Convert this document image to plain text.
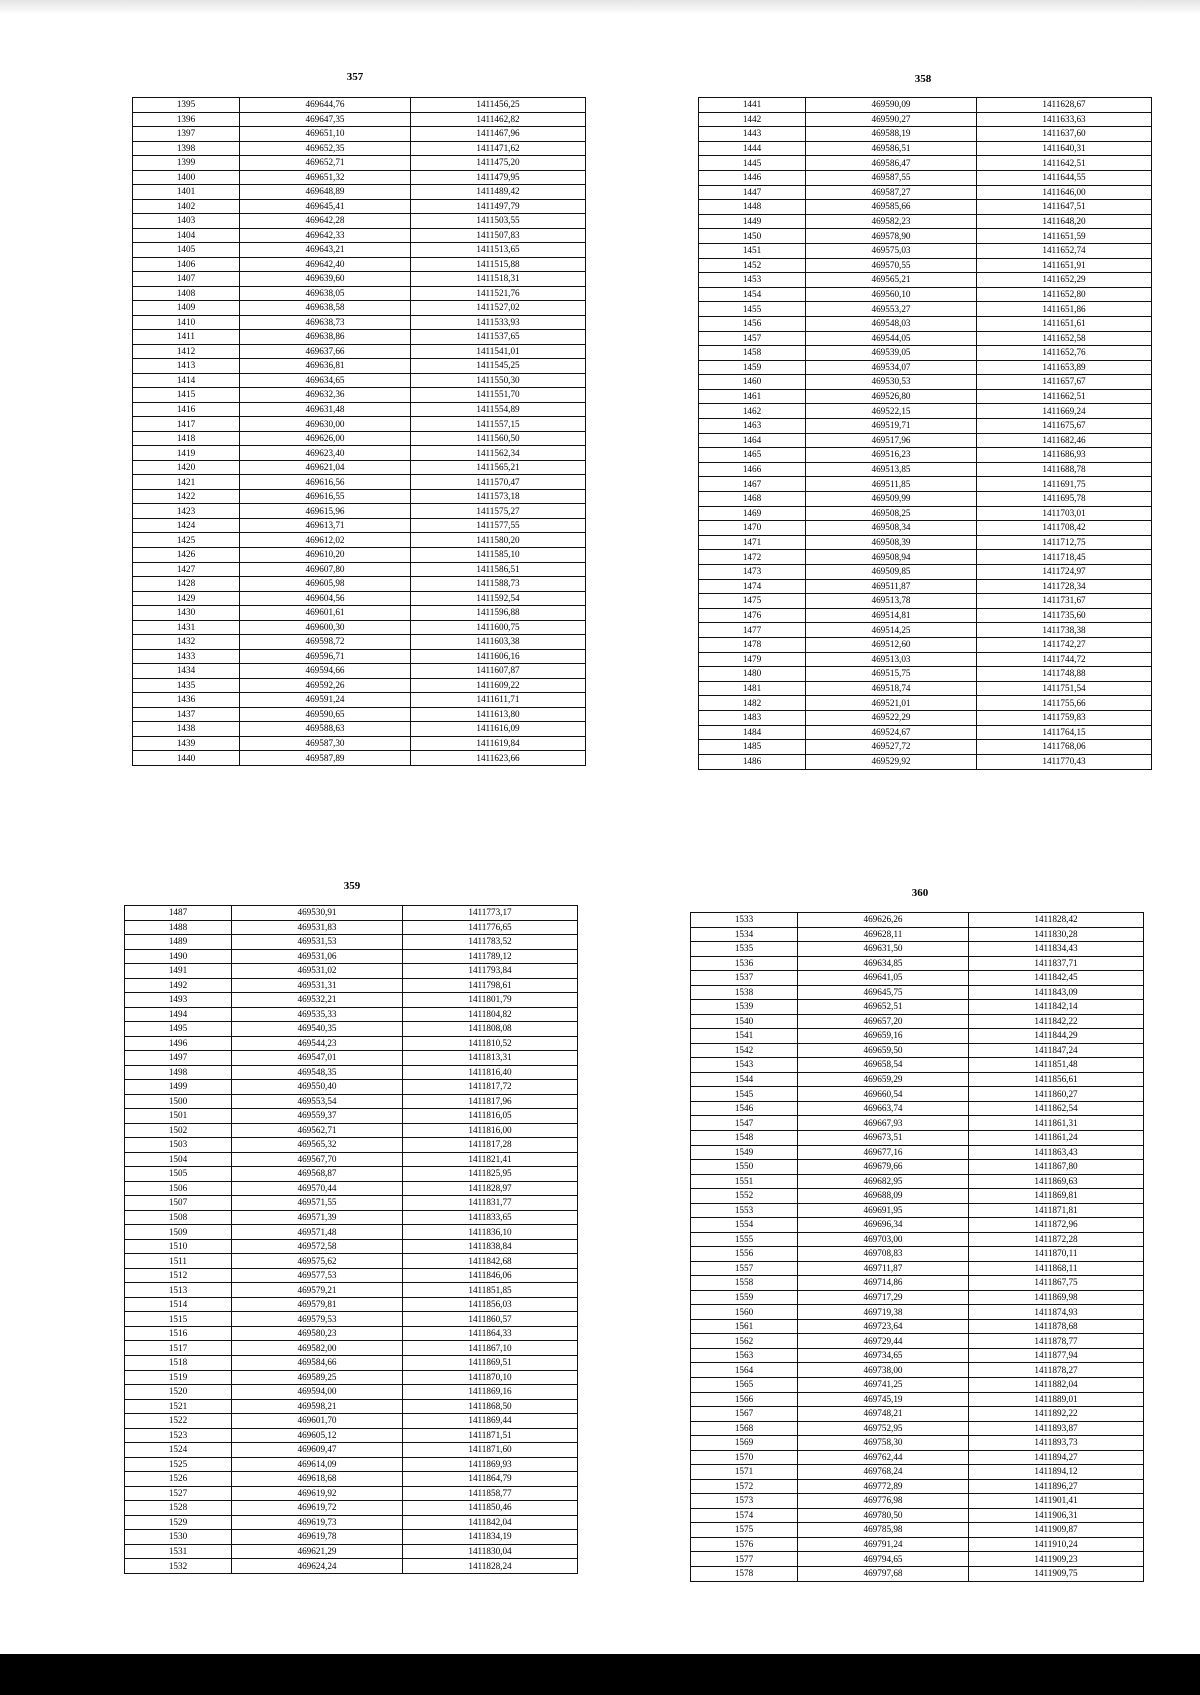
357
1395	469644,76	1411456,25
1396	469647,35	1411462,82
1397	469651,10	1411467,96
1398	469652,35	1411471,62
1399	469652,71	1411475,20
1400	469651,32	1411479,95
1401	469648,89	1411489,42
1402	469645,41	1411497,79
1403	469642,28	1411503,55
1404	469642,33	1411507,83
1405	469643,21	1411513,65
1406	469642,40	1411515,88
1407	469639,60	1411518,31
1408	469638,05	1411521,76
1409	469638,58	1411527,02
1410	469638,73	1411533,93
1411	469638,86	1411537,65
1412	469637,66	1411541,01
1413	469636,81	1411545,25
1414	469634,65	1411550,30
1415	469632,36	1411551,70
1416	469631,48	1411554,89
1417	469630,00	1411557,15
1418	469626,00	1411560,50
1419	469623,40	1411562,34
1420	469621,04	1411565,21
1421	469616,56	1411570,47
1422	469616,55	1411573,18
1423	469615,96	1411575,27
1424	469613,71	1411577,55
1425	469612,02	1411580,20
1426	469610,20	1411585,10
1427	469607,80	1411586,51
1428	469605,98	1411588,73
1429	469604,56	1411592,54
1430	469601,61	1411596,88
1431	469600,30	1411600,75
1432	469598,72	1411603,38
1433	469596,71	1411606,16
1434	469594,66	1411607,87
1435	469592,26	1411609,22
1436	469591,24	1411611,71
1437	469590,65	1411613,80
1438	469588,63	1411616,09
1439	469587,30	1411619,84
1440	469587,89	1411623,66
358
1441	469590,09	1411628,67
1442	469590,27	1411633,63
1443	469588,19	1411637,60
1444	469586,51	1411640,31
1445	469586,47	1411642,51
1446	469587,55	1411644,55
1447	469587,27	1411646,00
1448	469585,66	1411647,51
1449	469582,23	1411648,20
1450	469578,90	1411651,59
1451	469575,03	1411652,74
1452	469570,55	1411651,91
1453	469565,21	1411652,29
1454	469560,10	1411652,80
1455	469553,27	1411651,86
1456	469548,03	1411651,61
1457	469544,05	1411652,58
1458	469539,05	1411652,76
1459	469534,07	1411653,89
1460	469530,53	1411657,67
1461	469526,80	1411662,51
1462	469522,15	1411669,24
1463	469519,71	1411675,67
1464	469517,96	1411682,46
1465	469516,23	1411686,93
1466	469513,85	1411688,78
1467	469511,85	1411691,75
1468	469509,99	1411695,78
1469	469508,25	1411703,01
1470	469508,34	1411708,42
1471	469508,39	1411712,75
1472	469508,94	1411718,45
1473	469509,85	1411724,97
1474	469511,87	1411728,34
1475	469513,78	1411731,67
1476	469514,81	1411735,60
1477	469514,25	1411738,38
1478	469512,60	1411742,27
1479	469513,03	1411744,72
1480	469515,75	1411748,88
1481	469518,74	1411751,54
1482	469521,01	1411755,66
1483	469522,29	1411759,83
1484	469524,67	1411764,15
1485	469527,72	1411768,06
1486	469529,92	1411770,43
359
1487	469530,91	1411773,17
1488	469531,83	1411776,65
1489	469531,53	1411783,52
1490	469531,06	1411789,12
1491	469531,02	1411793,84
1492	469531,31	1411798,61
1493	469532,21	1411801,79
1494	469535,33	1411804,82
1495	469540,35	1411808,08
1496	469544,23	1411810,52
1497	469547,01	1411813,31
1498	469548,35	1411816,40
1499	469550,40	1411817,72
1500	469553,54	1411817,96
1501	469559,37	1411816,05
1502	469562,71	1411816,00
1503	469565,32	1411817,28
1504	469567,70	1411821,41
1505	469568,87	1411825,95
1506	469570,44	1411828,97
1507	469571,55	1411831,77
1508	469571,39	1411833,65
1509	469571,48	1411836,10
1510	469572,58	1411838,84
1511	469575,62	1411842,68
1512	469577,53	1411846,06
1513	469579,21	1411851,85
1514	469579,81	1411856,03
1515	469579,53	1411860,57
1516	469580,23	1411864,33
1517	469582,00	1411867,10
1518	469584,66	1411869,51
1519	469589,25	1411870,10
1520	469594,00	1411869,16
1521	469598,21	1411868,50
1522	469601,70	1411869,44
1523	469605,12	1411871,51
1524	469609,47	1411871,60
1525	469614,09	1411869,93
1526	469618,68	1411864,79
1527	469619,92	1411858,77
1528	469619,72	1411850,46
1529	469619,73	1411842,04
1530	469619,78	1411834,19
1531	469621,29	1411830,04
1532	469624,24	1411828,24
360
1533	469626,26	1411828,42
1534	469628,11	1411830,28
1535	469631,50	1411834,43
1536	469634,85	1411837,71
1537	469641,05	1411842,45
1538	469645,75	1411843,09
1539	469652,51	1411842,14
1540	469657,20	1411842,22
1541	469659,16	1411844,29
1542	469659,50	1411847,24
1543	469658,54	1411851,48
1544	469659,29	1411856,61
1545	469660,54	1411860,27
1546	469663,74	1411862,54
1547	469667,93	1411861,31
1548	469673,51	1411861,24
1549	469677,16	1411863,43
1550	469679,66	1411867,80
1551	469682,95	1411869,63
1552	469688,09	1411869,81
1553	469691,95	1411871,81
1554	469696,34	1411872,96
1555	469703,00	1411872,28
1556	469708,83	1411870,11
1557	469711,87	1411868,11
1558	469714,86	1411867,75
1559	469717,29	1411869,98
1560	469719,38	1411874,93
1561	469723,64	1411878,68
1562	469729,44	1411878,77
1563	469734,65	1411877,94
1564	469738,00	1411878,27
1565	469741,25	1411882,04
1566	469745,19	1411889,01
1567	469748,21	1411892,22
1568	469752,95	1411893,87
1569	469758,30	1411893,73
1570	469762,44	1411894,27
1571	469768,24	1411894,12
1572	469772,89	1411896,27
1573	469776,98	1411901,41
1574	469780,50	1411906,31
1575	469785,98	1411909,87
1576	469791,24	1411910,24
1577	469794,65	1411909,23
1578	469797,68	1411909,75
